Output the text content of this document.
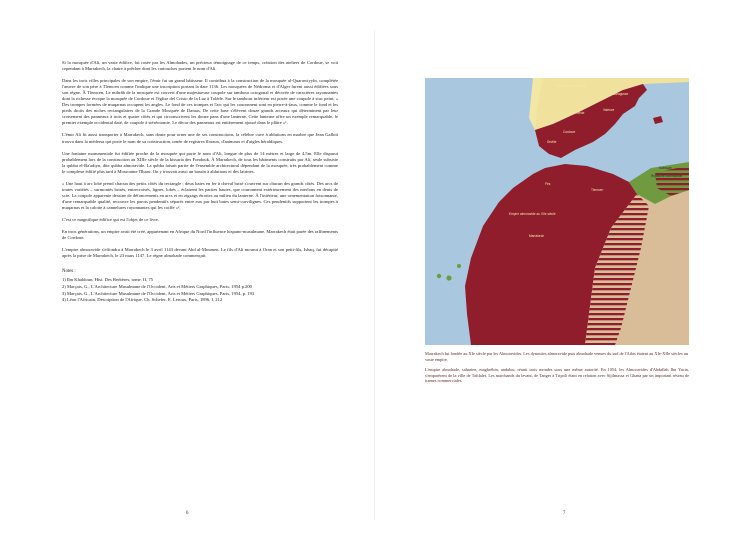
Si la mosquée d'Ali, un vaste édifice, fut rasée par les Almohades, un précieux témoignage de ce temps, création des ateliers de Cordoue, se voit cependant à Marrakech, la chaire à prêcher dont les cartouches portent le nom d'Ali.

Dans les trois villes principales de son empire, l'émir fut un grand bâtisseur. Il contribua à la construction de la mosquée al-Quarawiyyîn, complétée l'œuvre de son père à Tlemcen comme l'indique une inscription portant la date 1136. Les mosquées de Nédroma et d'Alger furent aussi édifiées sous son règne. À Tlemcen, Le mihrâb de la mosquée est couvert d'une majestueuse coupole sur tambour octogonal et décorée de caractères rayonnantes dont la richesse évoque la mosquée de Cordoue et l'église del Cristo de la Luz à Tolède. Sur le tambour inférieur est posée une coupole à stuc peint, « Des trompes formées de muqarnas occupent les angles. Le fond de ces trompes et l'arc qui les couronnent sont en pierre-à-faux, comme le fond et les pieds droits des niches rectangulaires de la Grande Mosquée de Damas. De cette base s'élèvent douze grands arceaux qui déterminent par leur croisement des panneaux à trois et quatre côtés et qui circonscrivent les douze pans d'une lanterne. Cette lanterne offre un exemple remarquable, le premier exemple occidental daté, de coupole à stéréotomie. Le décor des panneaux est entièrement ajouré dans le plâtre »¹.

L'émir Ali fit aussi transporter à Marrakech, sans doute pour orner une de ses constructions, la célèbre cuve à ablutions en marbre que Jean Galloti trouva dans la médersa qui porte le nom de sa construction, ornée de registres floraux, d'animaux et d'aigles héraldiques.

Une fontaine monumentale fut édifiée proche de la mosquée qui porte le nom d'Ali, longue de plus de 14 mètres et large de 4,5m. Elle disparut probablement lors de la construction au XIIIe siècle de la kissaria des Fondouk. À Marrakech, de tous les bâtiments construits par Ali, seule subsiste la qubba el-Ba'adiyn, dite qubba almoravide. La qubba faisait partie de l'ensemble architectural dépendant de la mosquée, très probablement comme le complexe édifié plus tard à Mossouine l'Ibaru. On y trouvait aussi un bassin à ablutions et des latrines.

« Une haut à arc lobé prend chacun des petits côtés du rectangle ; deux baies en fer à cheval brisé s'ouvrent sur chacun des grands côtés. Des arcs de toutes variétés – surmontés brisés, entrecroisés, lignes, lobés – éclairent les parties hautes, que couronnent extérieurement des merlons en dents de scie. La coupole apparente dessine de défoncements en arcs et en zigzags étroites au milieu du lanterne. À l'intérieur, une ornementation foisonnante, d'une remarquable qualité, recouvre les parois pendentifs séparés entre eux par huit baies semi-curvilignes. Ces pendentifs supportent les trompes à muqarnas et la calotte à cannelures rayonnantes qui les coiffe »².

C'est ce magnifique édifice qui est l'objet de ce livre.

En trois générations, un empire avait été créé, appartenant en Afrique du Nord l'influence hispano-musulmane. Marrakech était parée des raffinements de Cordoue.

L'empire almoravide s'effondra à Marrakech le 3 avril 1143 devant Abd al-Moumen. Le fils d'Ali mourut à Oran et son petit-fils, Ishaq, fut décapité après la prise de Marrakech, le 23 mars 1147. Le règne almohade commençait.

Notes :
1) Ibn Khaldoun, Hist. Des Berbères, tome. II, 75
2) Marçais, G., L'Architecture Musulmane de l'Occident, Arts et Métiers Graphiques, Paris, 1954 p.200
3) Marçais, G., L'Architecture Musulmane de l'Occident, Arts et Métiers Graphiques, Paris, 1954, p. 193
4) Léon l'Africain, Description de l'Afrique, Ch. Schefer, E. Leroux, Paris, 1896, I, 212
6
Royaumes chrétiens
Saragosse
Valence
Tolède
Cordoue
Séville
Fès
Tlemcen
Royaume hammadide
Empire almoravide au XIIe siècle
Marrakech
Kairouan

Marrakech fut fondée au XIe siècle par les Almoravides. Les dynasties almoravide puis almohade venues du sud de l'Atlas étaient au XIe-XIIe siècles un vaste empire.

L'empire almohade, saharien, maghrébin, andalou, réunit trois mondes sous une même autorité. En 1054, les Almoravides d'Abdallah Ibn Yacin, s'emparèrent de la ville de Tafilalet. Les marchands du levant, de Tanger à Tripoli étant en relation avec Sijilmassa et Ghana par un important réseau de trames commerciales.

7
